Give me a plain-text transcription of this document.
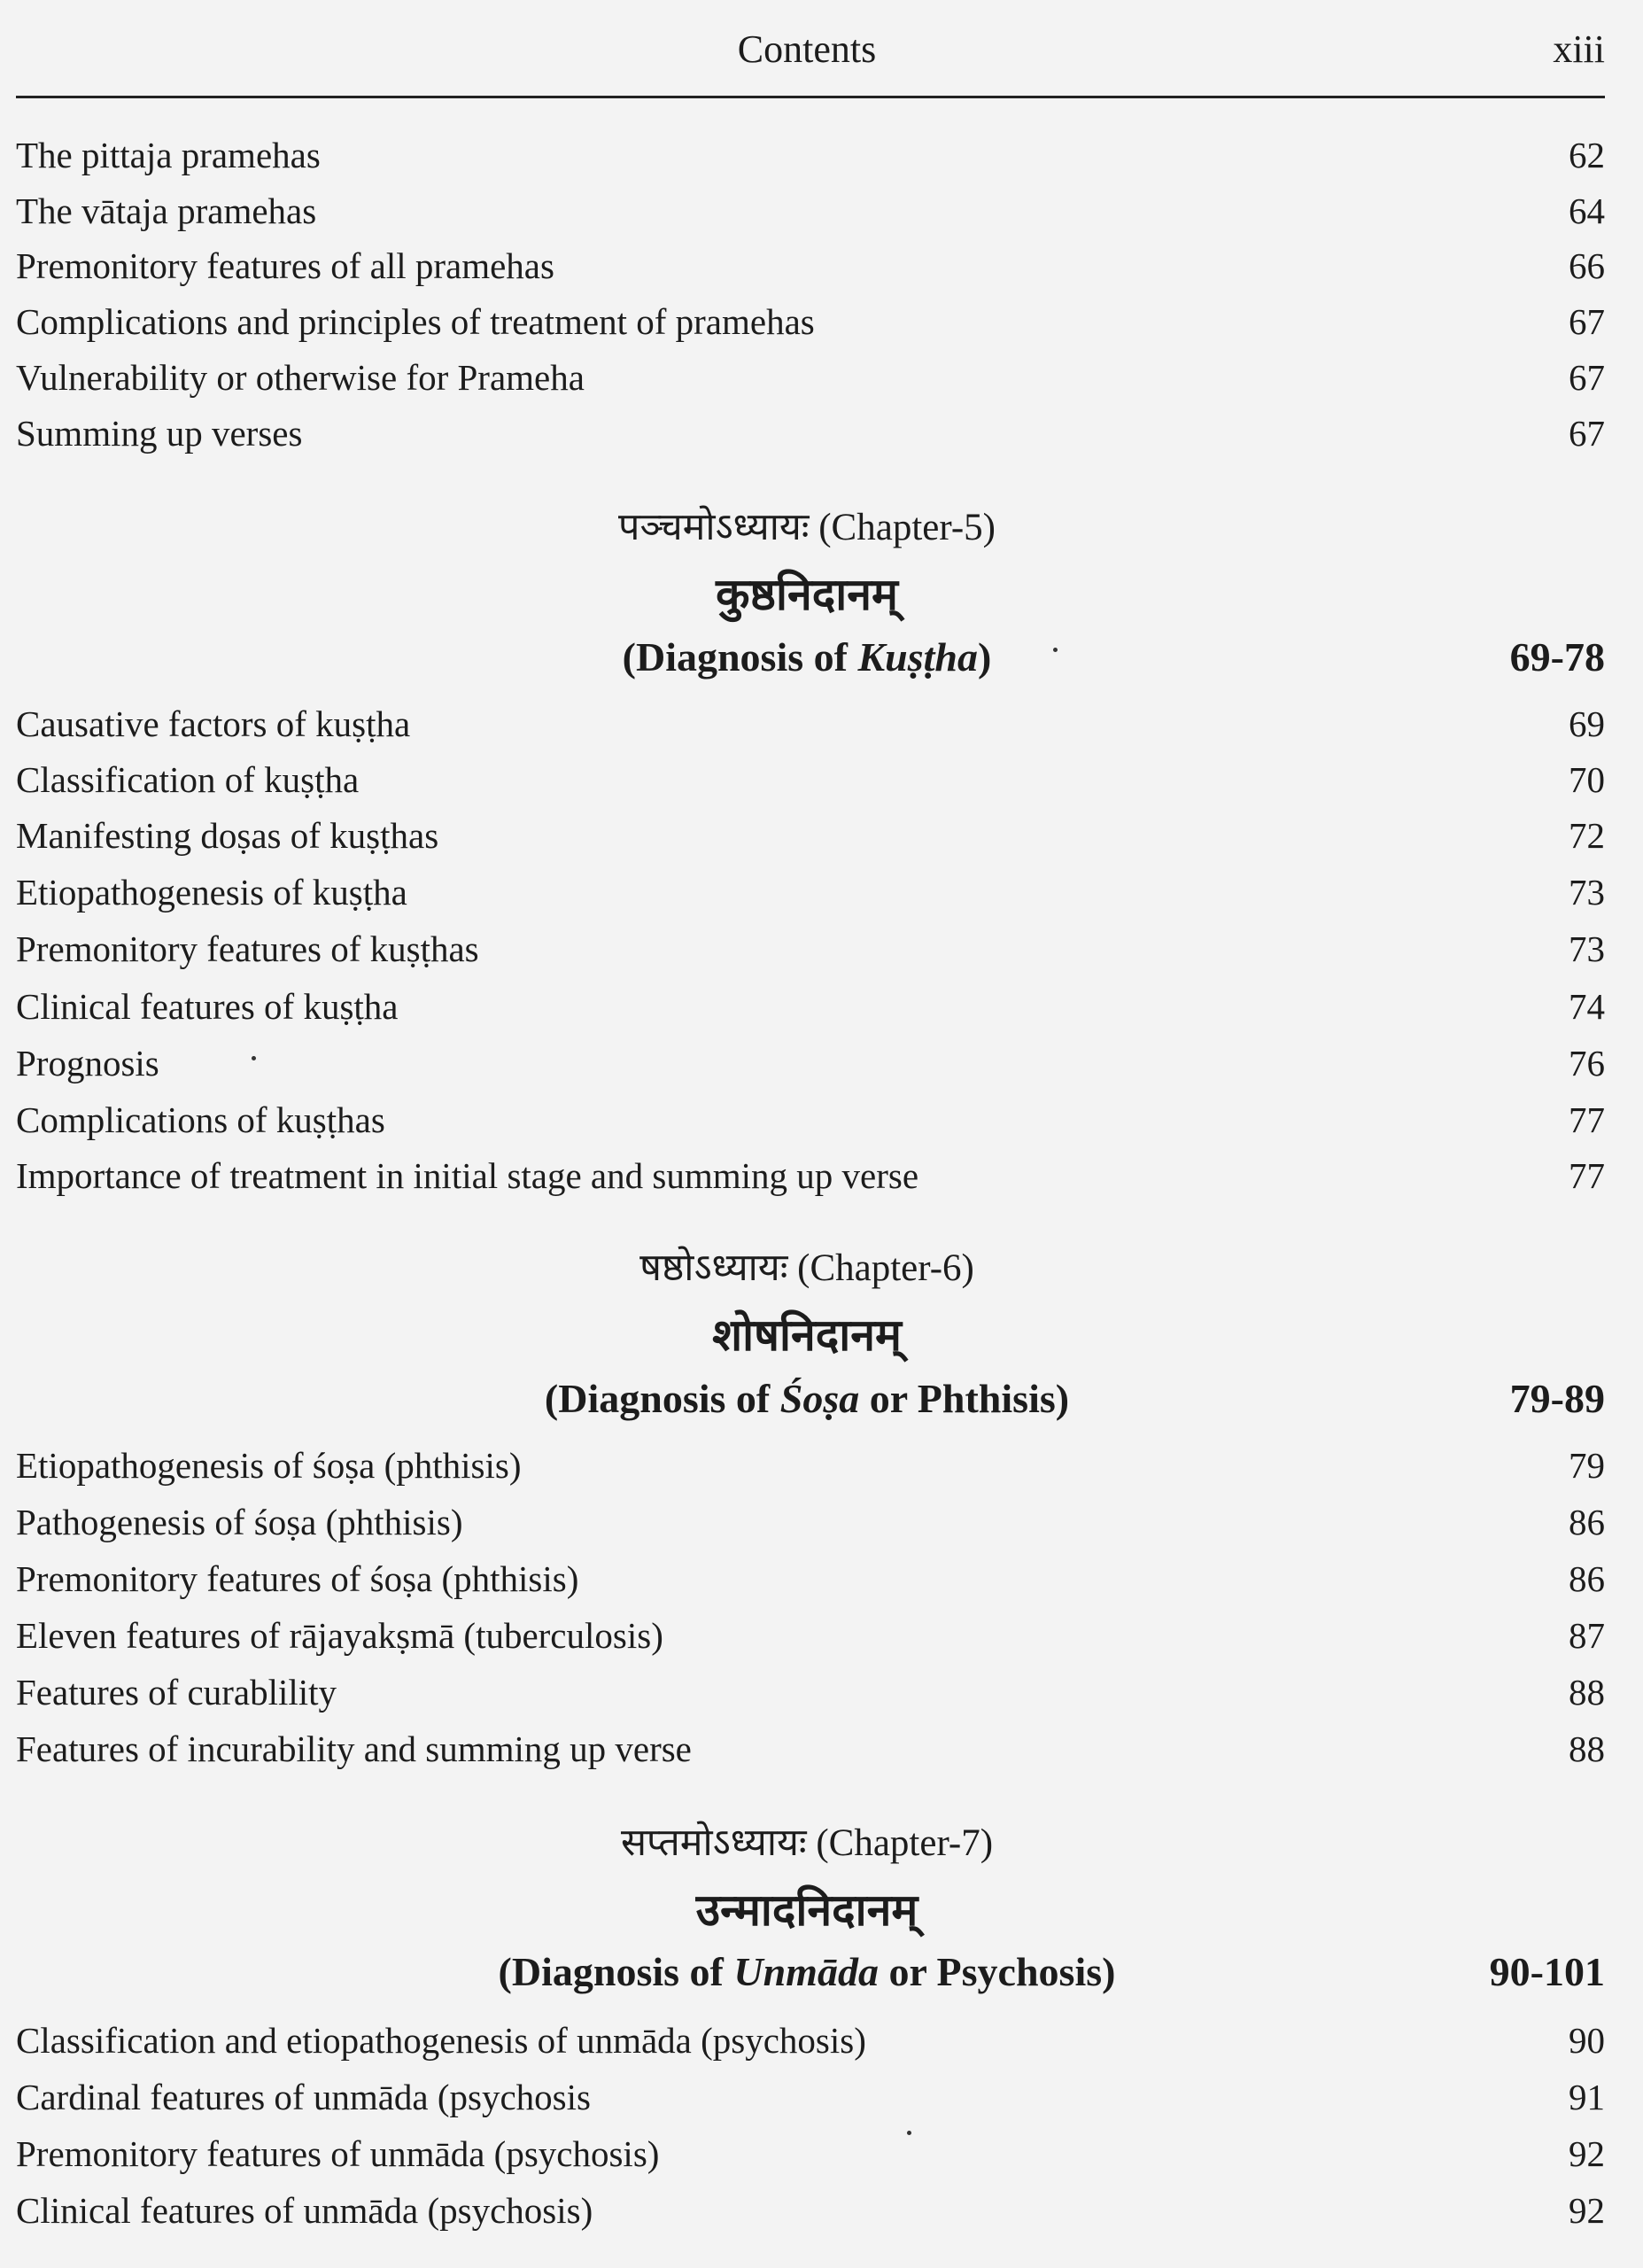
Contents	xiii
The pittaja pramehas	62
The vātaja pramehas	64
Premonitory features of all pramehas	66
Complications and principles of treatment of pramehas	67
Vulnerability or otherwise for Prameha	67
Summing up verses	67
पञ्चमोऽध्यायः (Chapter-5)
कुष्ठनिदानम्
(Diagnosis of Kuṣṭha)	69-78
Causative factors of kuṣṭha	69
Classification of kuṣṭha	70
Manifesting doṣas of kuṣṭhas	72
Etiopathogenesis of kuṣṭha	73
Premonitory features of kuṣṭhas	73
Clinical features of kuṣṭha	74
Prognosis	76
Complications of kuṣṭhas	77
Importance of treatment in initial stage and summing up verse	77
षष्ठोऽध्यायः (Chapter-6)
शोषनिदानम्
(Diagnosis of Śoṣa or Phthisis)	79-89
Etiopathogenesis of śoṣa (phthisis)	79
Pathogenesis of śoṣa (phthisis)	86
Premonitory features of śoṣa (phthisis)	86
Eleven features of rājayakṣmā (tuberculosis)	87
Features of curablility	88
Features of incurability and summing up verse	88
सप्तमोऽध्यायः (Chapter-7)
उन्मादनिदानम्
(Diagnosis of Unmāda or Psychosis)	90-101
Classification and etiopathogenesis of unmāda (psychosis)	90
Cardinal features of unmāda (psychosis	91
Premonitory features of unmāda (psychosis)	92
Clinical features of unmāda (psychosis)	92
